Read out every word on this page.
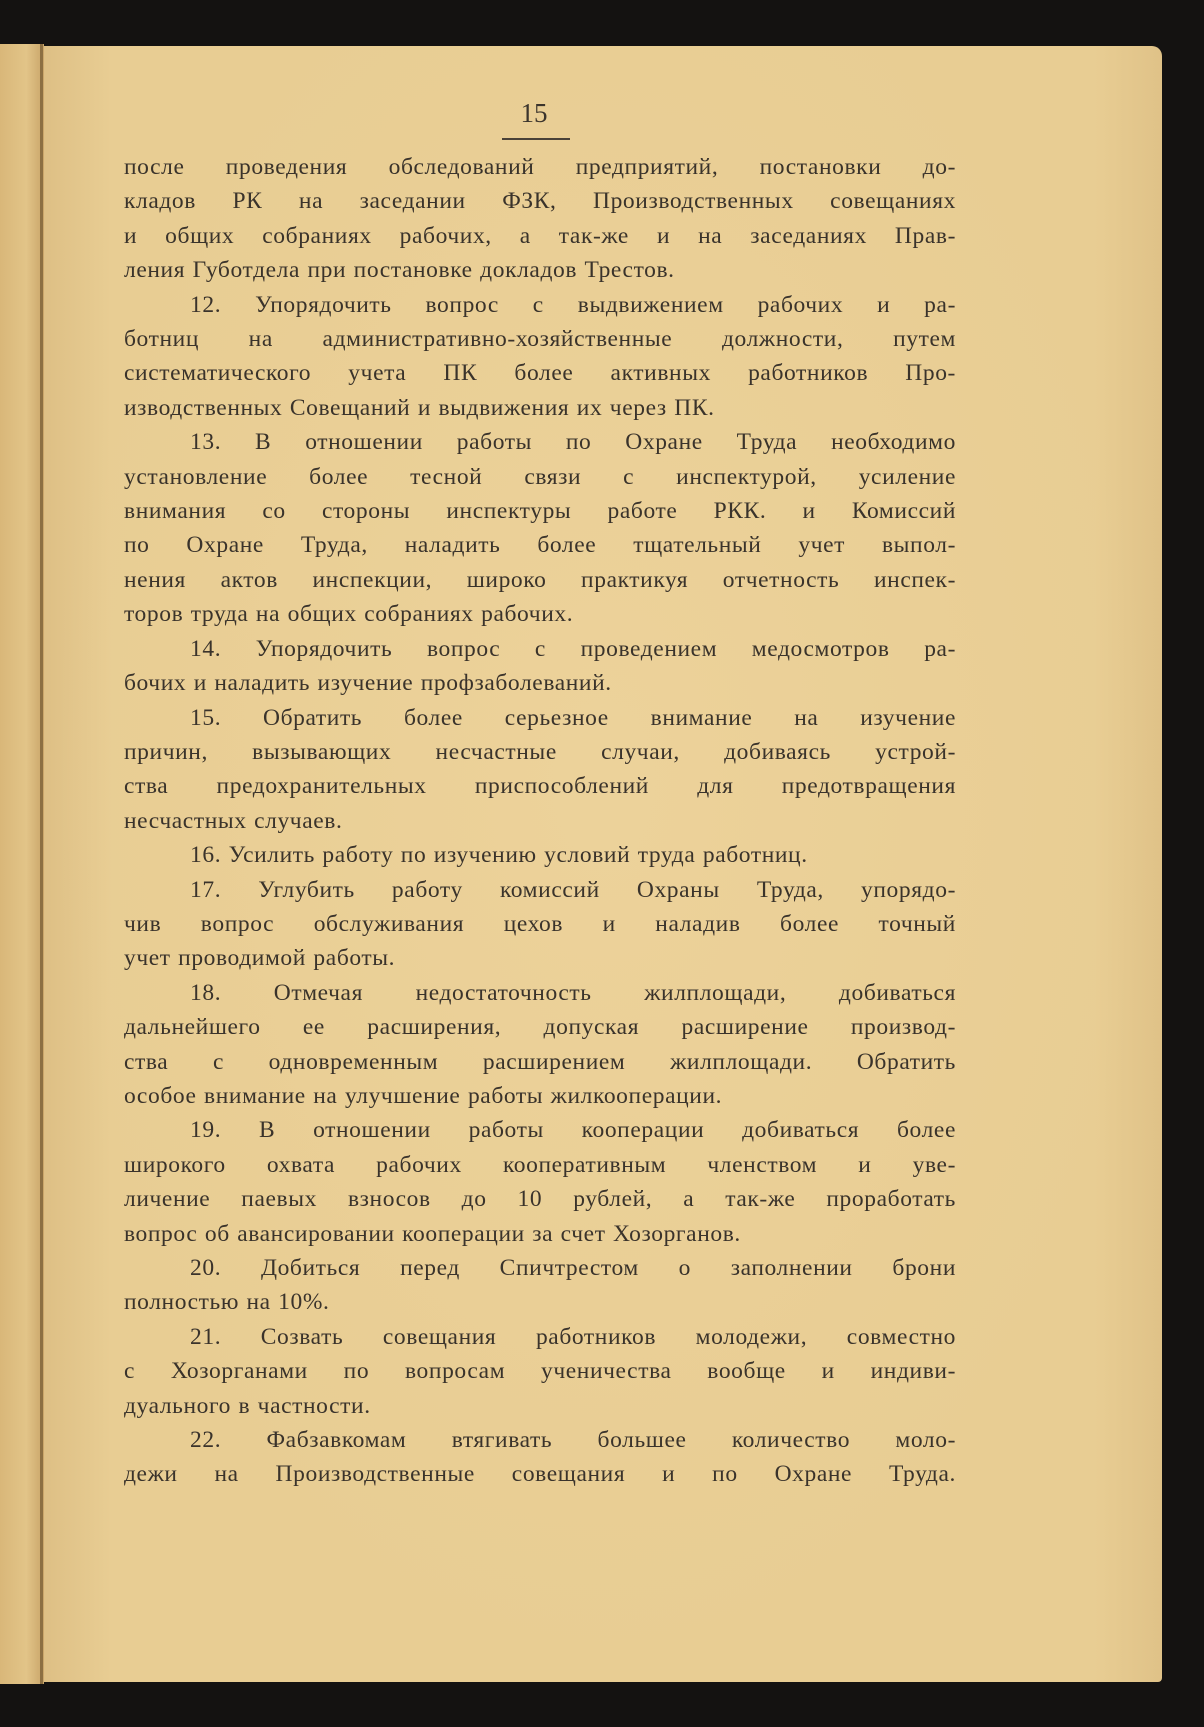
15
после проведения обследований предприятий, постановки до-
кладов РК на заседании ФЗК, Производственных совещаниях
и общих собраниях рабочих, а так-же и на заседаниях Прав-
ления Губотдела при постановке докладов Трестов.
12. Упорядочить вопрос с выдвижением рабочих и ра-
ботниц на административно-хозяйственные должности, путем
систематического учета ПК более активных работников Про-
изводственных Совещаний и выдвижения их через ПК.
13. В отношении работы по Охране Труда необходимо
установление более тесной связи с инспектурой, усиление
внимания со стороны инспектуры работе РКК. и Комиссий
по Охране Труда, наладить более тщательный учет выпол-
нения актов инспекции, широко практикуя отчетность инспек-
торов труда на общих собраниях рабочих.
14. Упорядочить вопрос с проведением медосмотров ра-
бочих и наладить изучение профзаболеваний.
15. Обратить более серьезное внимание на изучение
причин, вызывающих несчастные случаи, добиваясь устрой-
ства предохранительных приспособлений для предотвращения
несчастных случаев.
16. Усилить работу по изучению условий труда работниц.
17. Углубить работу комиссий Охраны Труда, упорядо-
чив вопрос обслуживания цехов и наладив более точный
учет проводимой работы.
18. Отмечая недостаточность жилплощади, добиваться
дальнейшего ее расширения, допуская расширение производ-
ства с одновременным расширением жилплощади. Обратить
особое внимание на улучшение работы жилкооперации.
19. В отношении работы кооперации добиваться более
широкого охвата рабочих кооперативным членством и уве-
личение паевых взносов до 10 рублей, а так-же проработать
вопрос об авансировании кооперации за счет Хозорганов.
20. Добиться перед Спичтрестом о заполнении брони
полностью на 10%.
21. Созвать совещания работников молодежи, совместно
с Хозорганами по вопросам ученичества вообще и индиви-
дуального в частности.
22. Фабзавкомам втягивать большее количество моло-
дежи на Производственные совещания и по Охране Труда.
